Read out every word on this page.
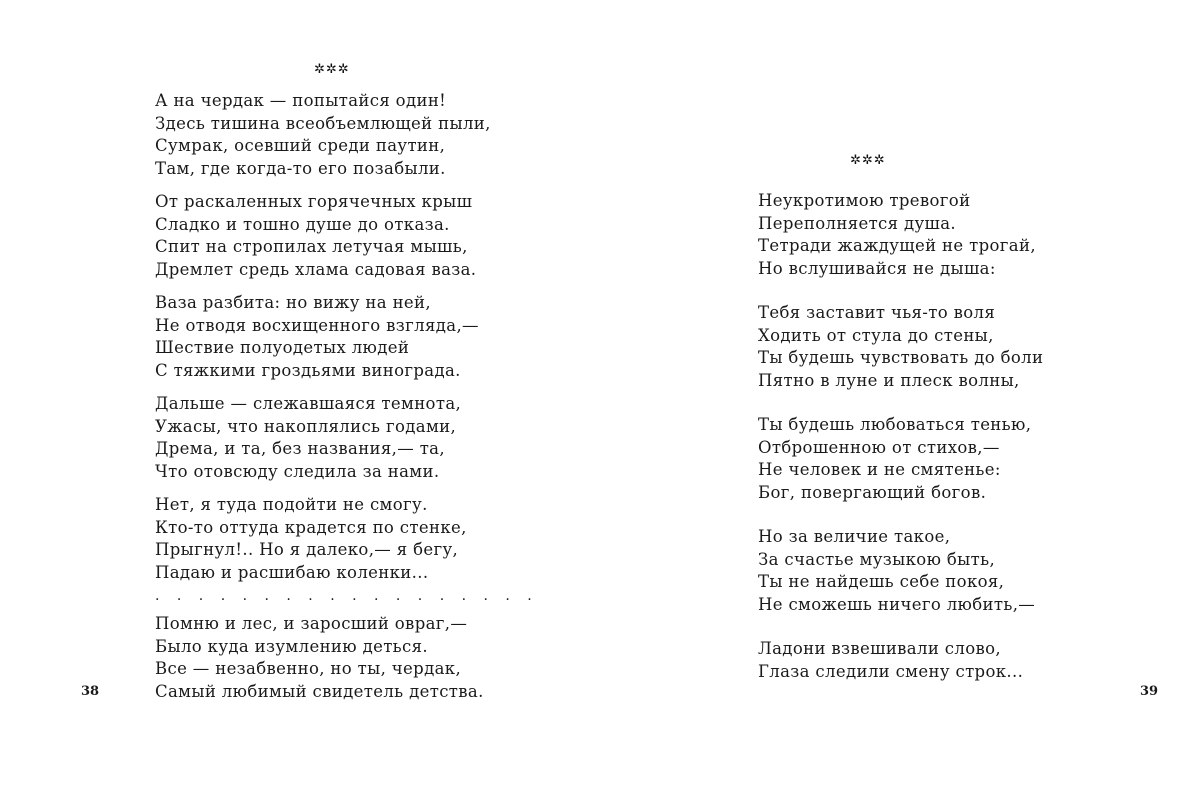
✲✲✲
А на чердак — попытайся один!
Здесь тишина всеобъемлющей пыли,
Сумрак, осевший среди паутин,
Там, где когда-то его позабыли.
От раскаленных горячечных крыш
Сладко и тошно душе до отказа.
Спит на стропилах летучая мышь,
Дремлет средь хлама садовая ваза.
Ваза разбита: но вижу на ней,
Не отводя восхищенного взгляда,—
Шествие полуодетых людей
С тяжкими гроздьями винограда.
Дальше — слежавшаяся темнота,
Ужасы, что накоплялись годами,
Дрема, и та, без названия,— та,
Что отовсюду следила за нами.
Нет, я туда подойти не смогу.
Кто-то оттуда крадется по стенке,
Прыгнул!.. Но я далеко,— я бегу,
Падаю и расшибаю коленки...
. . . . . . . . . . . . . . . . . .
Помню и лес, и заросший овраг,—
Было куда изумлению деться.
Все — незабвенно, но ты, чердак,
Самый любимый свидетель детства.
38
✲✲✲
Неукротимою тревогой
Переполняется душа.
Тетради жаждущей не трогай,
Но вслушивайся не дыша:
Тебя заставит чья-то воля
Ходить от стула до стены,
Ты будешь чувствовать до боли
Пятно в луне и плеск волны,
Ты будешь любоваться тенью,
Отброшенною от стихов,—
Не человек и не смятенье:
Бог, повергающий богов.
Но за величие такое,
За счастье музыкою быть,
Ты не найдешь себе покоя,
Не сможешь ничего любить,—
Ладони взвешивали слово,
Глаза следили смену строк...
39
